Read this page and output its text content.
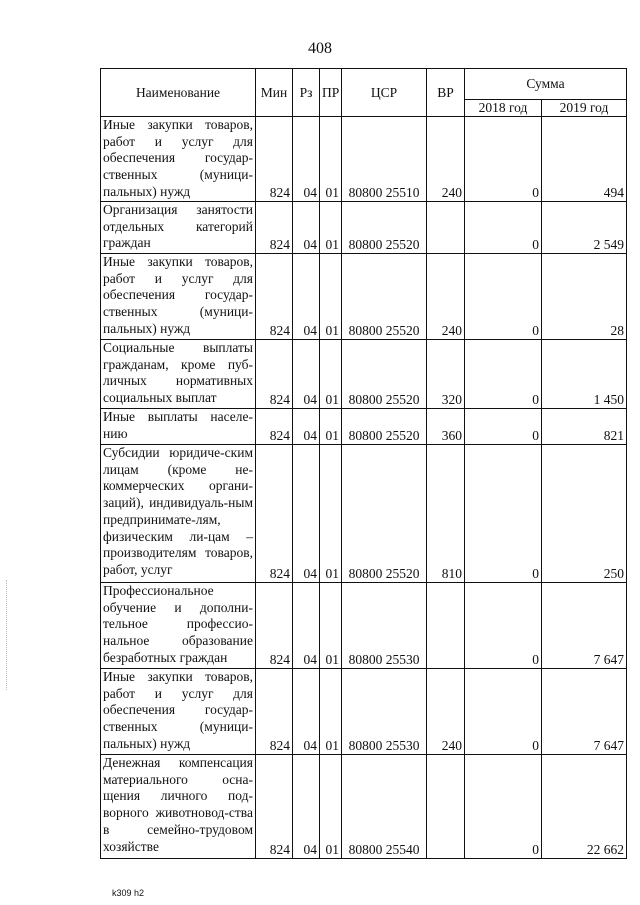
408
Наименование	Мин	Рз	ПР	ЦСР	ВР	Сумма	
						2018 год	2019 год
Иные закупки товаров, работ и услуг для обеспечения государ-ственных (муници-пальных) нужд	824	04	01	80800 25510	240	0	494
Организация занятости отдельных категорий граждан	824	04	01	80800 25520		0	2 549
Иные закупки товаров, работ и услуг для обеспечения государ-ственных (муници-пальных) нужд	824	04	01	80800 25520	240	0	28
Социальные выплаты гражданам, кроме пуб-личных нормативных социальных выплат	824	04	01	80800 25520	320	0	1 450
Иные выплаты населе-нию	824	04	01	80800 25520	360	0	821
Субсидии юридиче-ским лицам (кроме не-коммерческих органи-заций), индивидуаль-ным предпринимате-лям, физическим ли-цам – производителям товаров, работ, услуг	824	04	01	80800 25520	810	0	250
Профессиональное обучение и дополни-тельное профессио-нальное образование безработных граждан	824	04	01	80800 25530		0	7 647
Иные закупки товаров, работ и услуг для обеспечения государ-ственных (муници-пальных) нужд	824	04	01	80800 25530	240	0	7 647
Денежная компенсация материального осна-щения личного под-ворного животновод-ства в семейно-трудовом хозяйстве	824	04	01	80800 25540		0	22 662
k309 h2
